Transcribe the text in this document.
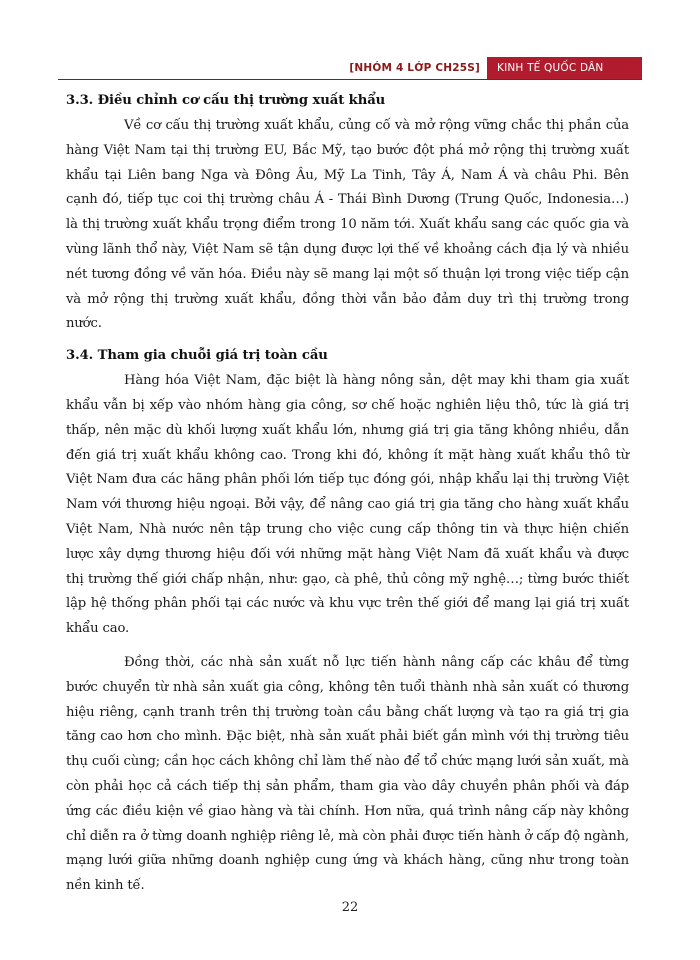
[NHÓM 4 LỚP CH25S]	KINH TẾ QUỐC DÂN
3.3. Điều chỉnh cơ cấu thị trường xuất khẩu

Về cơ cấu thị trường xuất khẩu, củng cố và mở rộng vững chắc thị phần của hàng Việt Nam tại thị trường EU, Bắc Mỹ, tạo bước đột phá mở rộng thị trường xuất khẩu tại Liên bang Nga và Đông Âu, Mỹ La Tinh, Tây Á, Nam Á và châu Phi. Bên cạnh đó, tiếp tục coi thị trường châu Á - Thái Bình Dương (Trung Quốc, Indonesia…) là thị trường xuất khẩu trọng điểm trong 10 năm tới. Xuất khẩu sang các quốc gia và vùng lãnh thổ này, Việt Nam sẽ tận dụng được lợi thế về khoảng cách địa lý và nhiều nét tương đồng về văn hóa. Điều này sẽ mang lại một số thuận lợi trong việc tiếp cận và mở rộng thị trường xuất khẩu, đồng thời vẫn bảo đảm duy trì thị trường trong nước.

3.4. Tham gia chuỗi giá trị toàn cầu

Hàng hóa Việt Nam, đặc biệt là hàng nông sản, dệt may khi tham gia xuất khẩu vẫn bị xếp vào nhóm hàng gia công, sơ chế hoặc nghiên liệu thô, tức là giá trị thấp, nên mặc dù khối lượng xuất khẩu lớn, nhưng giá trị gia tăng không nhiều, dẫn đến giá trị xuất khẩu không cao. Trong khi đó, không ít mặt hàng xuất khẩu thô từ Việt Nam đưa các hãng phân phối lớn tiếp tục đóng gói, nhập khẩu lại thị trường Việt Nam với thương hiệu ngoại. Bởi vậy, để nâng cao giá trị gia tăng cho hàng xuất khẩu Việt Nam, Nhà nước nên tập trung cho việc cung cấp thông tin và thực hiện chiến lược xây dựng thương hiệu đối với những mặt hàng Việt Nam đã xuất khẩu và được thị trường thế giới chấp nhận, như: gạo, cà phê, thủ công mỹ nghệ…; từng bước thiết lập hệ thống phân phối tại các nước và khu vực trên thế giới để mang lại giá trị xuất khẩu cao.

Đồng thời, các nhà sản xuất nỗ lực tiến hành nâng cấp các khâu để từng bước chuyển từ nhà sản xuất gia công, không tên tuổi thành nhà sản xuất có thương hiệu riêng, cạnh tranh trên thị trường toàn cầu bằng chất lượng và tạo ra giá trị gia tăng cao hơn cho mình. Đặc biệt, nhà sản xuất phải biết gắn mình với thị trường tiêu thụ cuối cùng; cần học cách không chỉ làm thế nào để tổ chức mạng lưới sản xuất, mà còn phải học cả cách tiếp thị sản phẩm, tham gia vào dây chuyền phân phối và đáp ứng các điều kiện về giao hàng và tài chính. Hơn nữa, quá trình nâng cấp này không chỉ diễn ra ở từng doanh nghiệp riêng lẻ, mà còn phải được tiến hành ở cấp độ ngành, mạng lưới giữa những doanh nghiệp cung ứng và khách hàng, cũng như trong toàn nền kinh tế.

22
